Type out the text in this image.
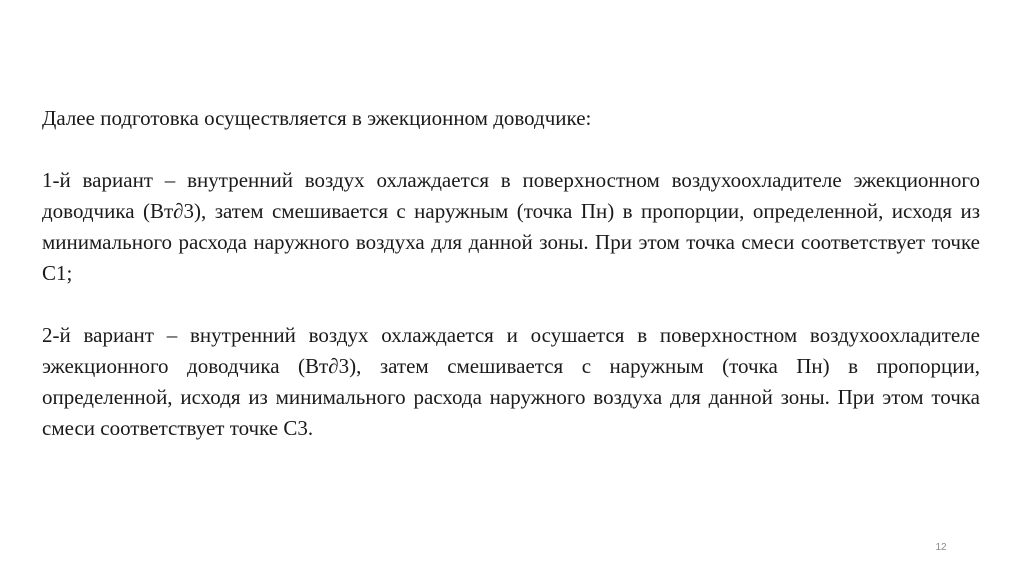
Далее подготовка осуществляется в эжекционном доводчике:

1-й вариант – внутренний воздух охлаждается в поверхностном воздухоохладителе эжекционного доводчика (Вт∂3), затем смешивается с наружным (точка Пн) в пропорции, определенной, исходя из минимального расхода наружного воздуха для данной зоны. При этом точка смеси соответствует точке С1;

2-й вариант – внутренний воздух охлаждается и осушается в поверхностном воздухоохладителе эжекционного доводчика (Вт∂3), затем смешивается с наружным (точка Пн) в пропорции, определенной, исходя из минимального расхода наружного воздуха для данной зоны. При этом точка смеси соответствует точке С3.

12
